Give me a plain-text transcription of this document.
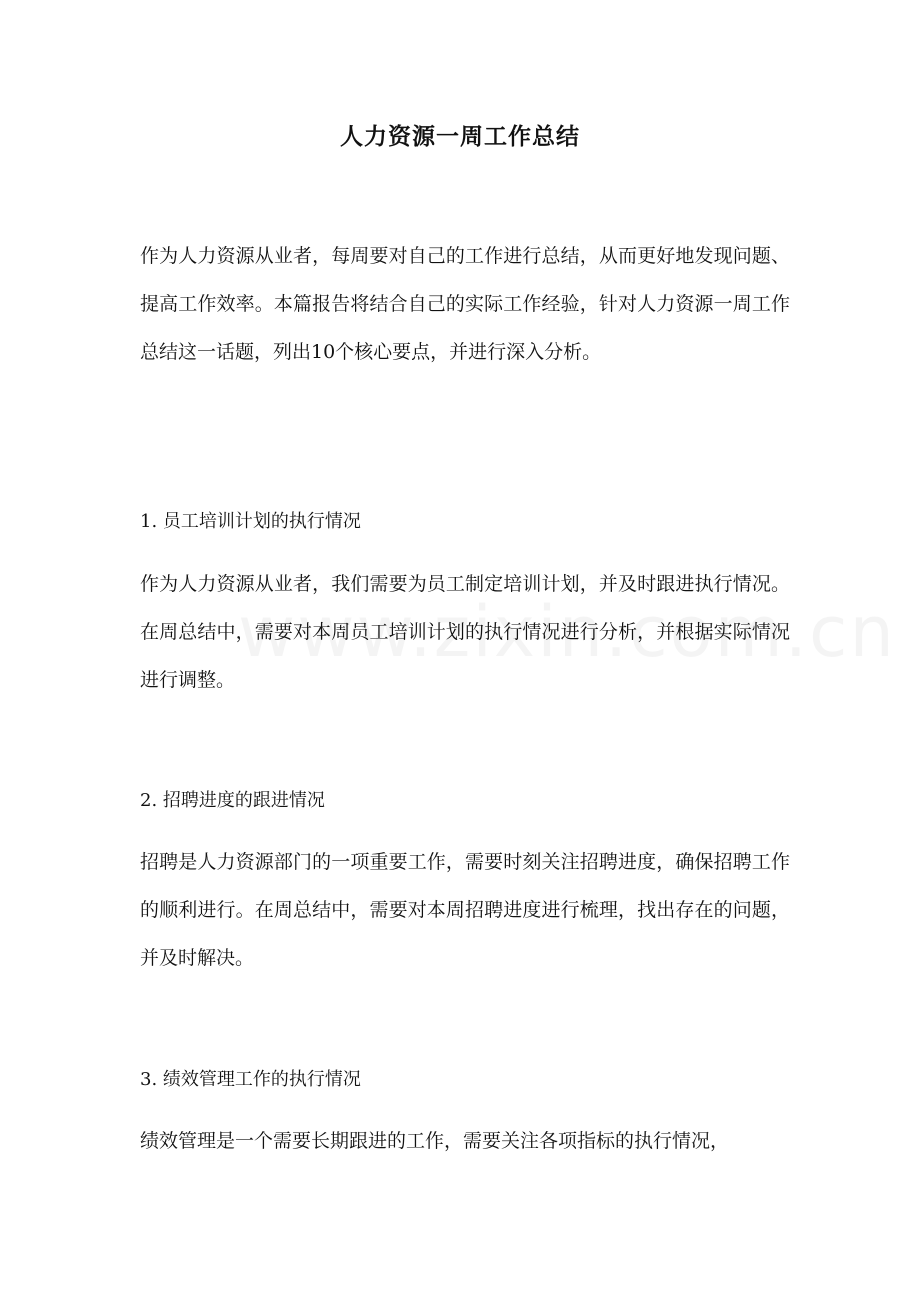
人力资源一周工作总结

作为人力资源从业者，每周要对自己的工作进行总结，从而更好地发现问题、提高工作效率。本篇报告将结合自己的实际工作经验，针对人力资源一周工作总结这一话题，列出10个核心要点，并进行深入分析。

1. 员工培训计划的执行情况

作为人力资源从业者，我们需要为员工制定培训计划，并及时跟进执行情况。在周总结中，需要对本周员工培训计划的执行情况进行分析，并根据实际情况进行调整。

2. 招聘进度的跟进情况

招聘是人力资源部门的一项重要工作，需要时刻关注招聘进度，确保招聘工作的顺利进行。在周总结中，需要对本周招聘进度进行梳理，找出存在的问题，并及时解决。

3. 绩效管理工作的执行情况

绩效管理是一个需要长期跟进的工作，需要关注各项指标的执行情况，
